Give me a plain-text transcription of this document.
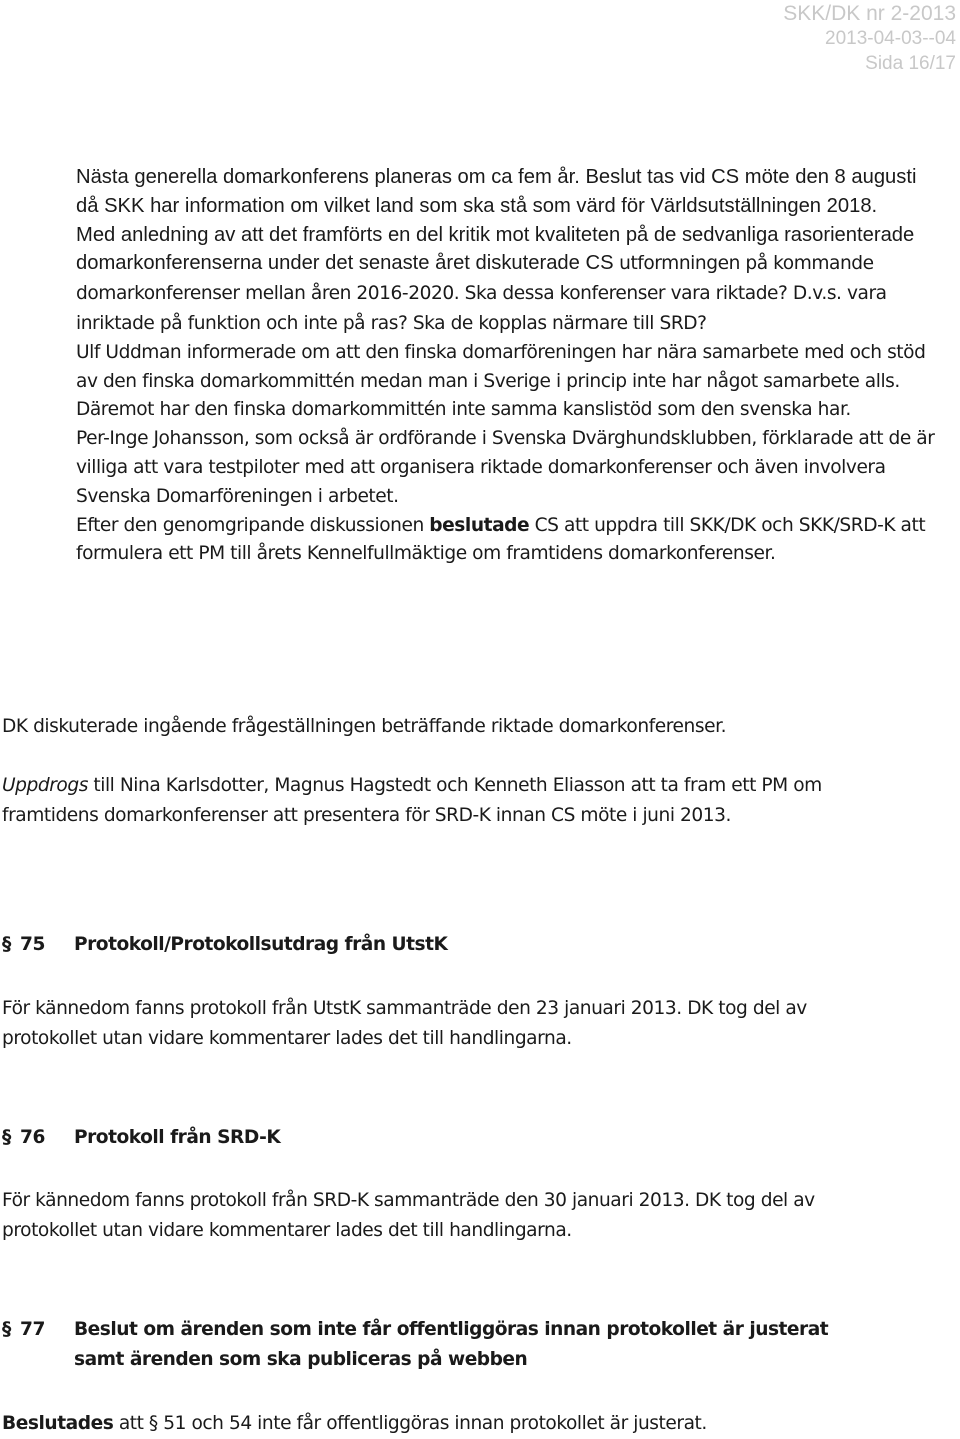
SKK/DK nr 2-2013
2013-04-03--04
Sida 16/17

Nästa generella domarkonferens planeras om ca fem år. Beslut tas vid CS möte den 8 augusti då SKK har information om vilket land som ska stå som värd för Världsutställningen 2018.

Med anledning av att det framförts en del kritik mot kvaliteten på de sedvanliga rasorienterade domarkonferenserna under det senaste året diskuterade CS utformningen på kommande domarkonferenser mellan åren 2016-2020. Ska dessa konferenser vara riktade? D.v.s. vara inriktade på funktion och inte på ras? Ska de kopplas närmare till SRD?

Ulf Uddman informerade om att den finska domarföreningen har nära samarbete med och stöd av den finska domarkommittén medan man i Sverige i princip inte har något samarbete alls. Däremot har den finska domarkommittén inte samma kanslistöd som den svenska har.

Per-Inge Johansson, som också är ordförande i Svenska Dvärghundsklubben, förklarade att de är villiga att vara testpiloter med att organisera riktade domarkonferenser och även involvera Svenska Domarföreningen i arbetet.

Efter den genomgripande diskussionen beslutade CS att uppdra till SKK/DK och SKK/SRD-K att formulera ett PM till årets Kennelfullmäktige om framtidens domarkonferenser.

DK diskuterade ingående frågeställningen beträffande riktade domarkonferenser.

Uppdrogs till Nina Karlsdotter, Magnus Hagstedt och Kenneth Eliasson att ta fram ett PM om framtidens domarkonferenser att presentera för SRD-K innan CS möte i juni 2013.

§ 75 Protokoll/Protokollsutdrag från UtstK

För kännedom fanns protokoll från UtstK sammanträde den 23 januari 2013. DK tog del av protokollet utan vidare kommentarer lades det till handlingarna.

§ 76 Protokoll från SRD-K

För kännedom fanns protokoll från SRD-K sammanträde den 30 januari 2013. DK tog del av protokollet utan vidare kommentarer lades det till handlingarna.

§ 77 Beslut om ärenden som inte får offentliggöras innan protokollet är justerat
samt ärenden som ska publiceras på webben

Beslutades att § 51 och 54 inte får offentliggöras innan protokollet är justerat.
